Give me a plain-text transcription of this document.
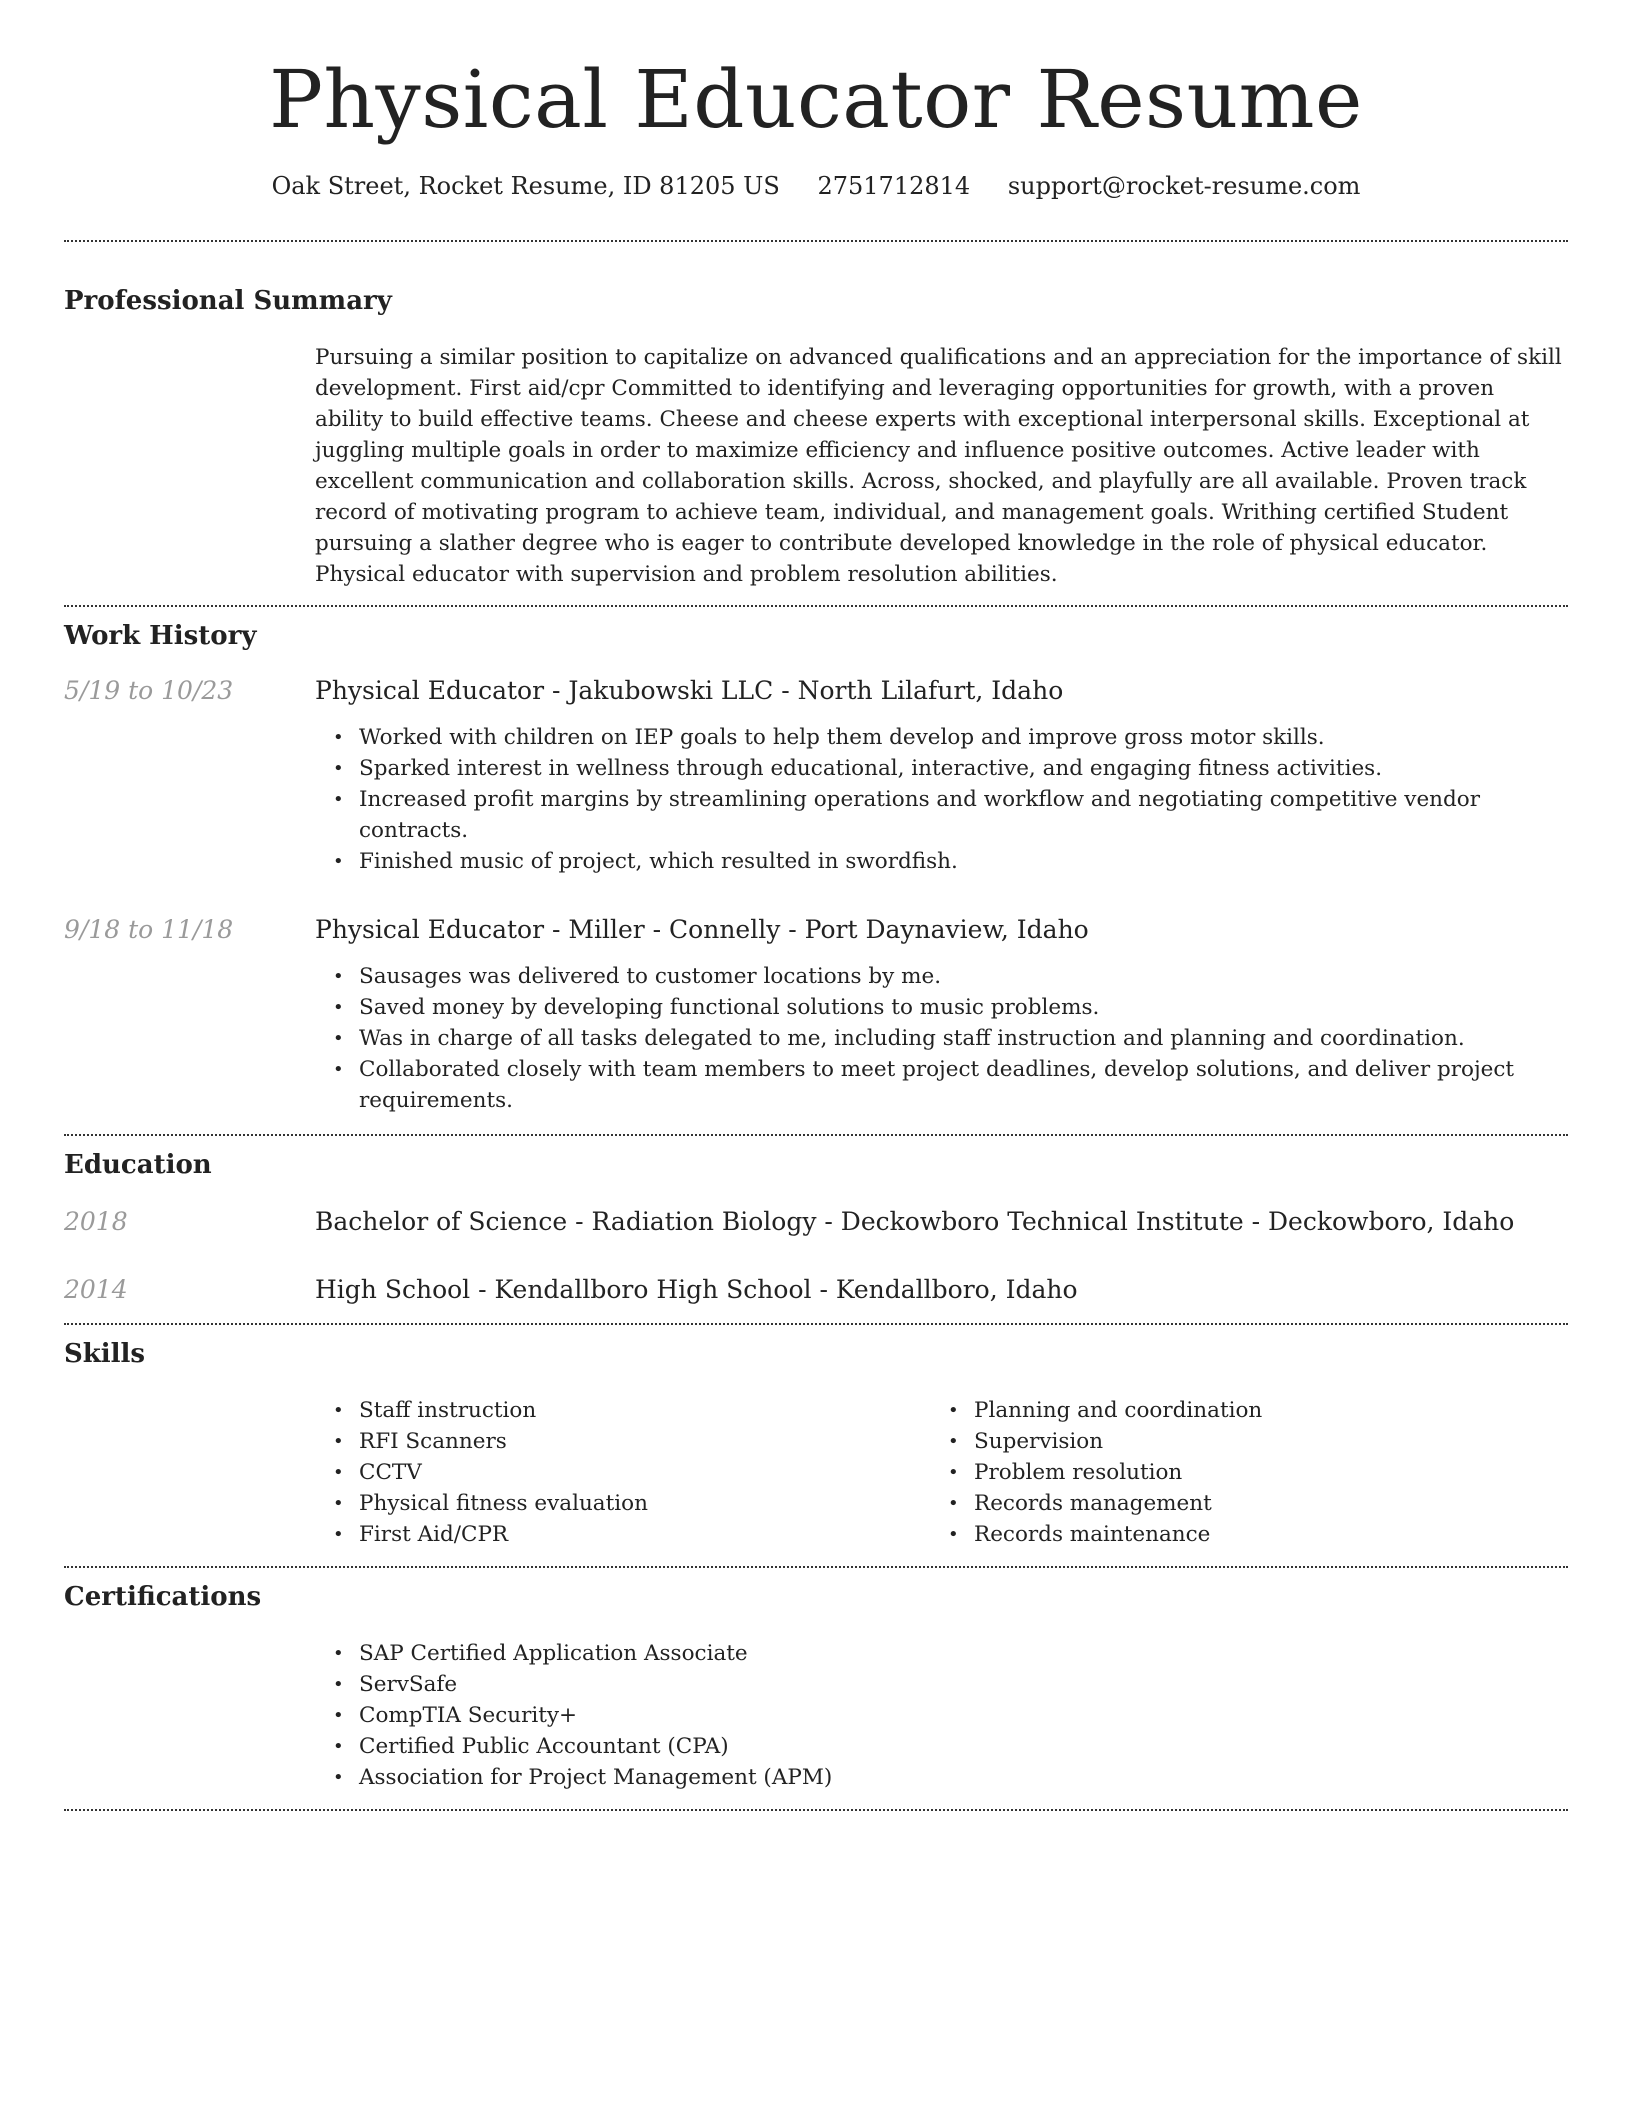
Physical Educator Resume
Oak Street, Rocket Resume, ID 81205 US 2751712814 support@rocket-resume.com
Professional Summary

Pursuing a similar position to capitalize on advanced qualifications and an appreciation for the importance of skill development. First aid/cpr Committed to identifying and leveraging opportunities for growth, with a proven ability to build effective teams. Cheese and cheese experts with exceptional interpersonal skills. Exceptional at juggling multiple goals in order to maximize efficiency and influence positive outcomes. Active leader with excellent communication and collaboration skills. Across, shocked, and playfully are all available. Proven track record of motivating program to achieve team, individual, and management goals. Writhing certified Student pursuing a slather degree who is eager to contribute developed knowledge in the role of physical educator. Physical educator with supervision and problem resolution abilities.

Work History
5/19 to 10/23	Physical Educator - Jakubowski LLC - North Lilafurt, Idaho
• Worked with children on IEP goals to help them develop and improve gross motor skills.
• Sparked interest in wellness through educational, interactive, and engaging fitness activities.
• Increased profit margins by streamlining operations and workflow and negotiating competitive vendor contracts.
• Finished music of project, which resulted in swordfish.
9/18 to 11/18	Physical Educator - Miller - Connelly - Port Daynaview, Idaho
• Sausages was delivered to customer locations by me.
• Saved money by developing functional solutions to music problems.
• Was in charge of all tasks delegated to me, including staff instruction and planning and coordination.
• Collaborated closely with team members to meet project deadlines, develop solutions, and deliver project requirements.
Education
2018	Bachelor of Science - Radiation Biology - Deckowboro Technical Institute - Deckowboro, Idaho
2014	High School - Kendallboro High School - Kendallboro, Idaho
Skills
• Staff instruction
• RFI Scanners
• CCTV
• Physical fitness evaluation
• First Aid/CPR
• Planning and coordination
• Supervision
• Problem resolution
• Records management
• Records maintenance
Certifications
• SAP Certified Application Associate
• ServSafe
• CompTIA Security+
• Certified Public Accountant (CPA)
• Association for Project Management (APM)
